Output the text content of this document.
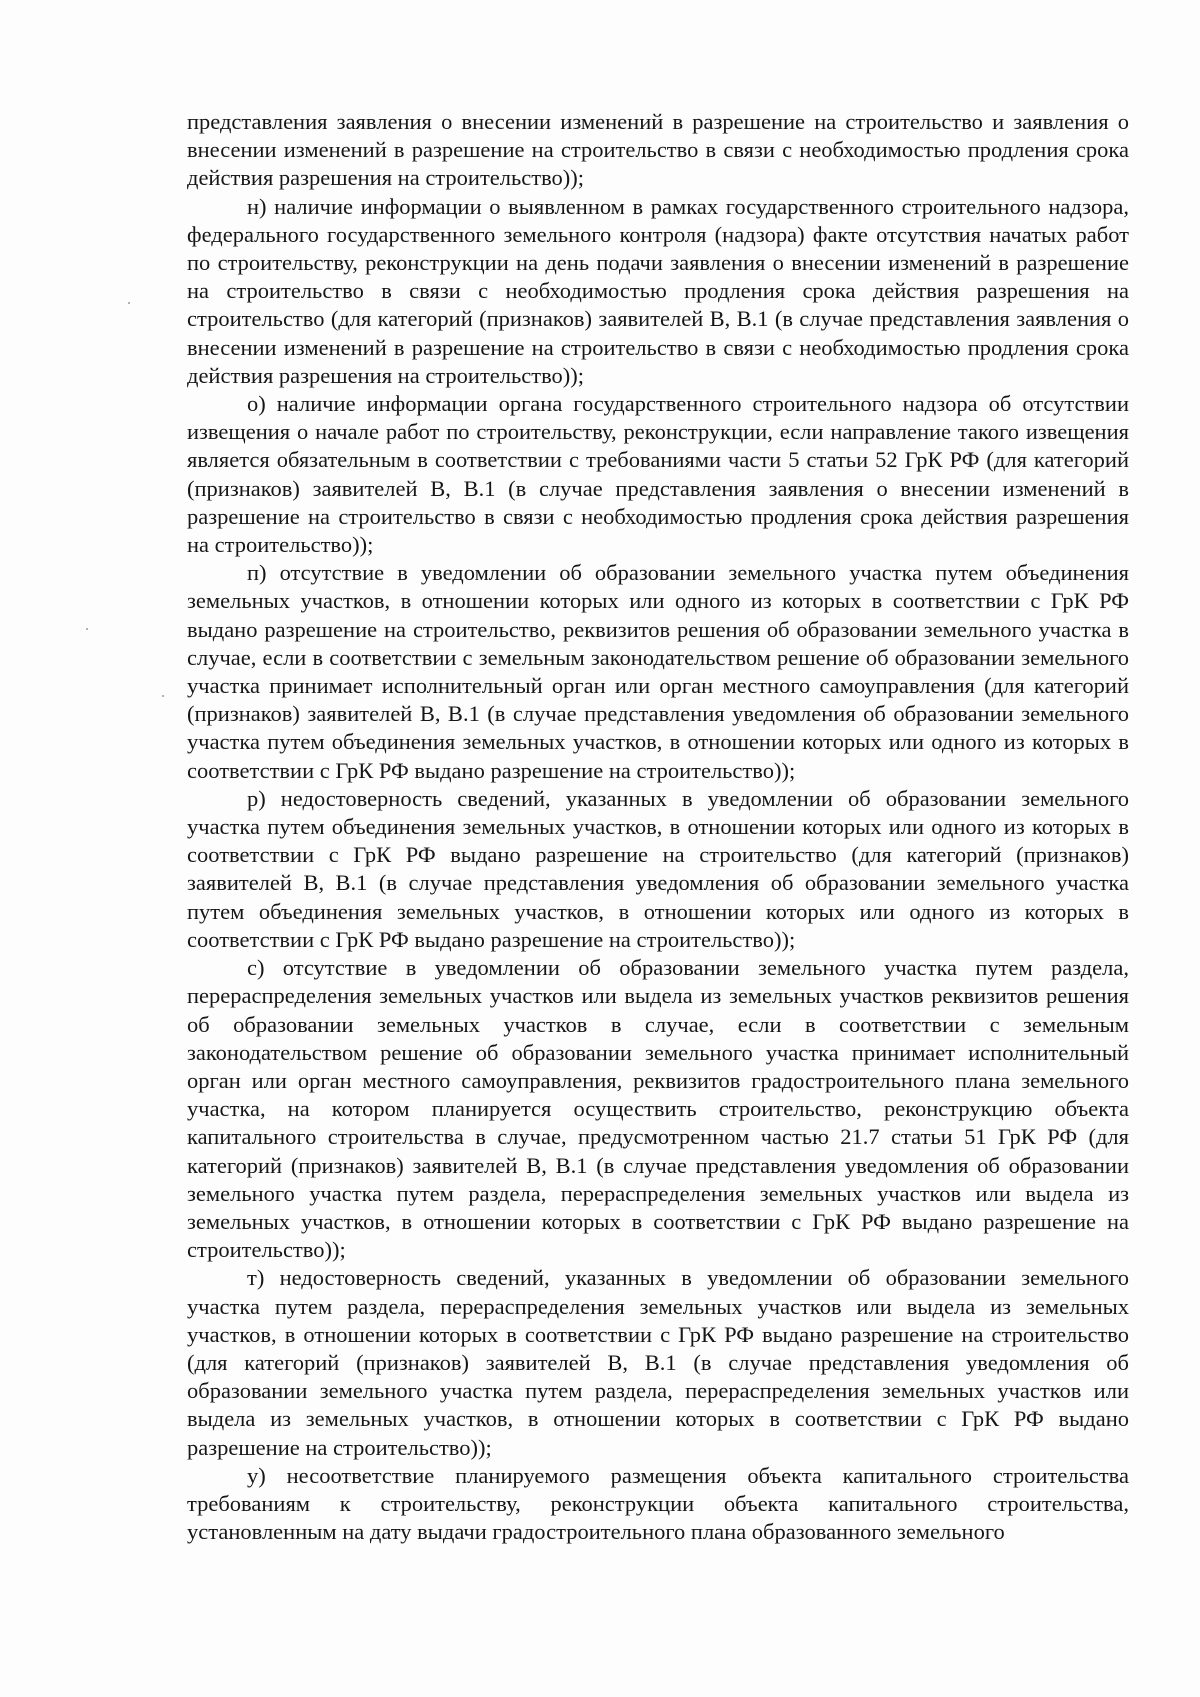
представления заявления о внесении изменений в разрешение на строительство и заявления о внесении изменений в разрешение на строительство в связи с необходимостью продления срока действия разрешения на строительство));

н) наличие информации о выявленном в рамках государственного строительного надзора, федерального государственного земельного контроля (надзора) факте отсутствия начатых работ по строительству, реконструкции на день подачи заявления о внесении изменений в разрешение на строительство в связи с необходимостью продления срока действия разрешения на строительство (для категорий (признаков) заявителей В, В.1 (в случае представления заявления о внесении изменений в разрешение на строительство в связи с необходимостью продления срока действия разрешения на строительство));

о) наличие информации органа государственного строительного надзора об отсутствии извещения о начале работ по строительству, реконструкции, если направление такого извещения является обязательным в соответствии с требованиями части 5 статьи 52 ГрК РФ (для категорий (признаков) заявителей В, В.1 (в случае представления заявления о внесении изменений в разрешение на строительство в связи с необходимостью продления срока действия разрешения на строительство));

п) отсутствие в уведомлении об образовании земельного участка путем объединения земельных участков, в отношении которых или одного из которых в соответствии с ГрК РФ выдано разрешение на строительство, реквизитов решения об образовании земельного участка в случае, если в соответствии с земельным законодательством решение об образовании земельного участка принимает исполнительный орган или орган местного самоуправления (для категорий (признаков) заявителей В, В.1 (в случае представления уведомления об образовании земельного участка путем объединения земельных участков, в отношении которых или одного из которых в соответствии с ГрК РФ выдано разрешение на строительство));

р) недостоверность сведений, указанных в уведомлении об образовании земельного участка путем объединения земельных участков, в отношении которых или одного из которых в соответствии с ГрК РФ выдано разрешение на строительство (для категорий (признаков) заявителей В, В.1 (в случае представления уведомления об образовании земельного участка путем объединения земельных участков, в отношении которых или одного из которых в соответствии с ГрК РФ выдано разрешение на строительство));

с) отсутствие в уведомлении об образовании земельного участка путем раздела, перераспределения земельных участков или выдела из земельных участков реквизитов решения об образовании земельных участков в случае, если в соответствии с земельным законодательством решение об образовании земельного участка принимает исполнительный орган или орган местного самоуправления, реквизитов градостроительного плана земельного участка, на котором планируется осуществить строительство, реконструкцию объекта капитального строительства в случае, предусмотренном частью 21.7 статьи 51 ГрК РФ (для категорий (признаков) заявителей В, В.1 (в случае представления уведомления об образовании земельного участка путем раздела, перераспределения земельных участков или выдела из земельных участков, в отношении которых в соответствии с ГрК РФ выдано разрешение на строительство));

т) недостоверность сведений, указанных в уведомлении об образовании земельного участка путем раздела, перераспределения земельных участков или выдела из земельных участков, в отношении которых в соответствии с ГрК РФ выдано разрешение на строительство (для категорий (признаков) заявителей В, В.1 (в случае представления уведомления об образовании земельного участка путем раздела, перераспределения земельных участков или выдела из земельных участков, в отношении которых в соответствии с ГрК РФ выдано разрешение на строительство));

у) несоответствие планируемого размещения объекта капитального строительства требованиям к строительству, реконструкции объекта капитального строительства, установленным на дату выдачи градостроительного плана образованного земельного
